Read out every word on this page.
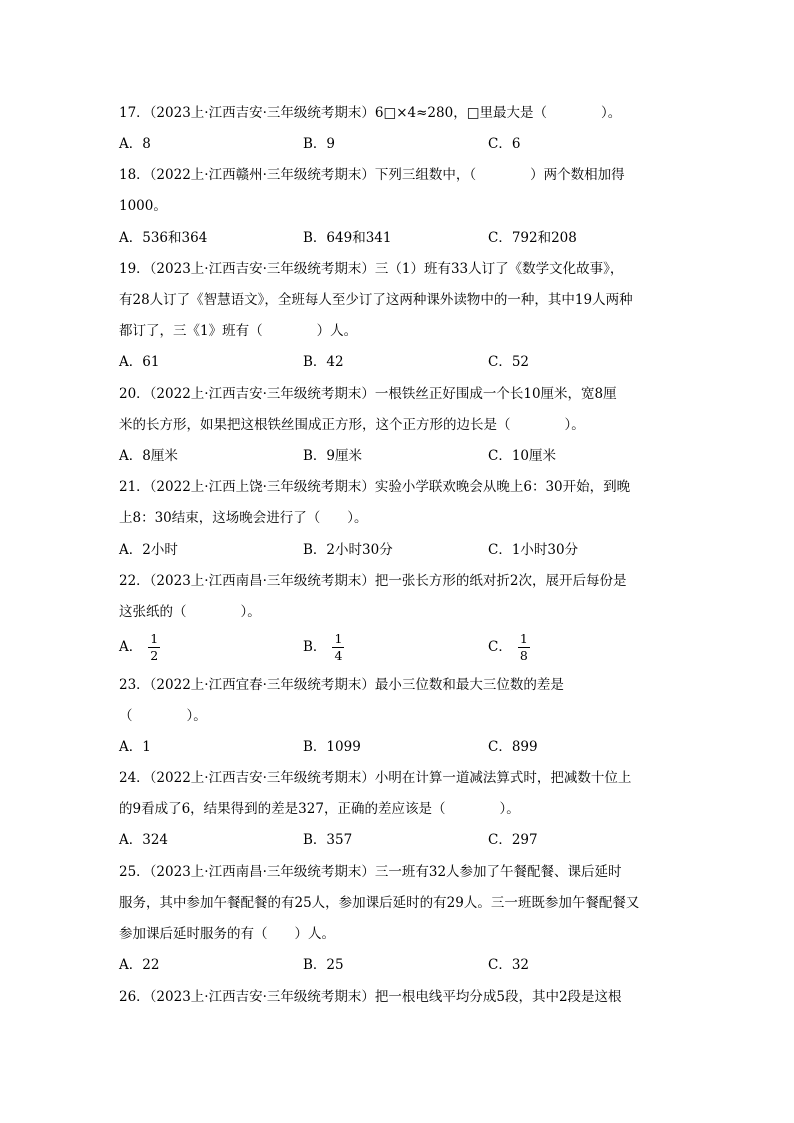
17．（2023上·江西吉安·三年级统考期末）6□×4≈280，□里最大是（　　　　）。
A．8	B．9	C．6
18．（2022上·江西赣州·三年级统考期末）下列三组数中，（　　　　）两个数相加得
1000。
A．536和364	B．649和341	C．792和208
19．（2023上·江西吉安·三年级统考期末）三（1）班有33人订了《数学文化故事》，
有28人订了《智慧语文》，全班每人至少订了这两种课外读物中的一种，其中19人两种
都订了，三《1》班有（　　　　）人。
A．61	B．42	C．52
20．（2022上·江西吉安·三年级统考期末）一根铁丝正好围成一个长10厘米，宽8厘
米的长方形，如果把这根铁丝围成正方形，这个正方形的边长是（　　　　）。
A．8厘米	B．9厘米	C．10厘米
21．（2022上·江西上饶·三年级统考期末）实验小学联欢晚会从晚上6：30开始，到晚
上8：30结束，这场晚会进行了（　　）。
A．2小时	B．2小时30分	C．1小时30分
22．（2023上·江西南昌·三年级统考期末）把一张长方形的纸对折2次，展开后每份是
这张纸的（　　　　）。
A． $\frac{1}{2}$	B． $\frac{1}{4}$	C． $\frac{1}{8}$
23．（2022上·江西宜春·三年级统考期末）最小三位数和最大三位数的差是
（　　　　）。
A．1	B．1099	C．899
24．（2022上·江西吉安·三年级统考期末）小明在计算一道减法算式时，把减数十位上
的9看成了6，结果得到的差是327，正确的差应该是（　　　　）。
A．324	B．357	C．297
25．（2023上·江西南昌·三年级统考期末）三一班有32人参加了午餐配餐、课后延时
服务，其中参加午餐配餐的有25人，参加课后延时的有29人。三一班既参加午餐配餐又
参加课后延时服务的有（　　）人。
A．22	B．25	C．32
26．（2023上·江西吉安·三年级统考期末）把一根电线平均分成5段，其中2段是这根
